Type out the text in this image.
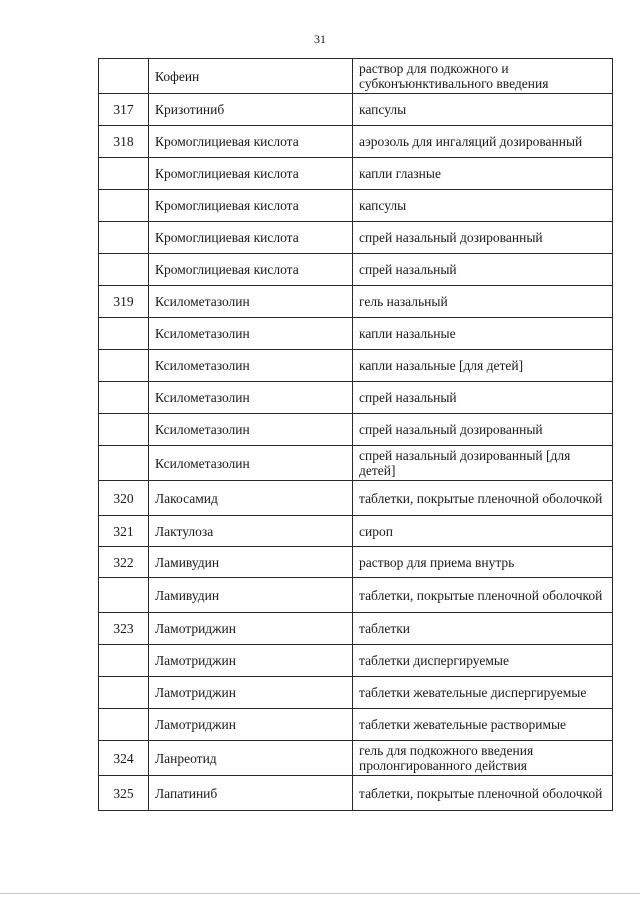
31
	Кофеин	раствор для подкожного и субконъюнктивального введения
317	Кризотиниб	капсулы
318	Кромоглициевая кислота	аэрозоль для ингаляций дозированный
	Кромоглициевая кислота	капли глазные
	Кромоглициевая кислота	капсулы
	Кромоглициевая кислота	спрей назальный дозированный
	Кромоглициевая кислота	спрей назальный
319	Ксилометазолин	гель назальный
	Ксилометазолин	капли назальные
	Ксилометазолин	капли назальные [для детей]
	Ксилометазолин	спрей назальный
	Ксилометазолин	спрей назальный дозированный
	Ксилометазолин	спрей назальный дозированный [для детей]
320	Лакосамид	таблетки, покрытые пленочной оболочкой
321	Лактулоза	сироп
322	Ламивудин	раствор для приема внутрь
	Ламивудин	таблетки, покрытые пленочной оболочкой
323	Ламотриджин	таблетки
	Ламотриджин	таблетки диспергируемые
	Ламотриджин	таблетки жевательные диспергируемые
	Ламотриджин	таблетки жевательные растворимые
324	Ланреотид	гель для подкожного введения пролонгированного действия
325	Лапатиниб	таблетки, покрытые пленочной оболочкой
